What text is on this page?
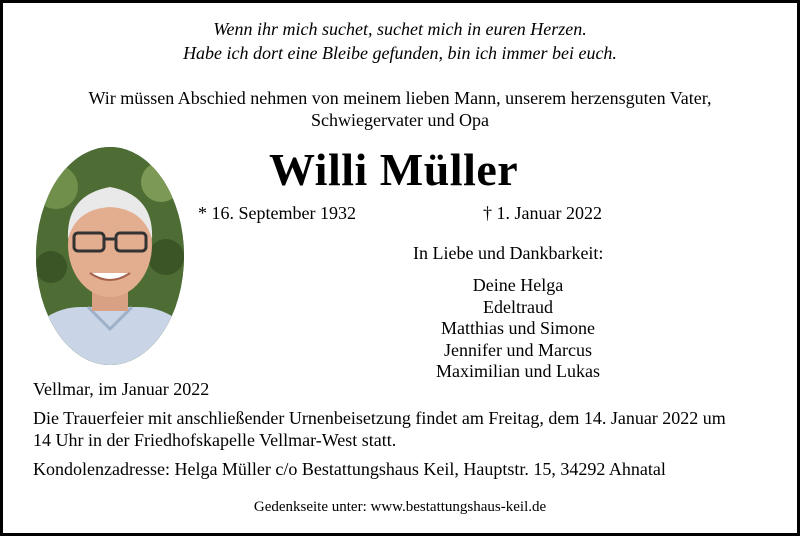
Wenn ihr mich suchet, suchet mich in euren Herzen.
Habe ich dort eine Bleibe gefunden, bin ich immer bei euch.
Wir müssen Abschied nehmen von meinem lieben Mann, unserem herzensguten Vater,
Schwiegervater und Opa
Willi Müller
* 16. September 1932	† 1. Januar 2022
In Liebe und Dankbarkeit:
Deine Helga
Edeltraud
Matthias und Simone
Jennifer und Marcus
Maximilian und Lukas
Vellmar, im Januar 2022
Die Trauerfeier mit anschließender Urnenbeisetzung findet am Freitag, dem 14. Januar 2022 um
14 Uhr in der Friedhofskapelle Vellmar-West statt.
Kondolenzadresse: Helga Müller c/o Bestattungshaus Keil, Hauptstr. 15, 34292 Ahnatal
Gedenkseite unter: www.bestattungshaus-keil.de
